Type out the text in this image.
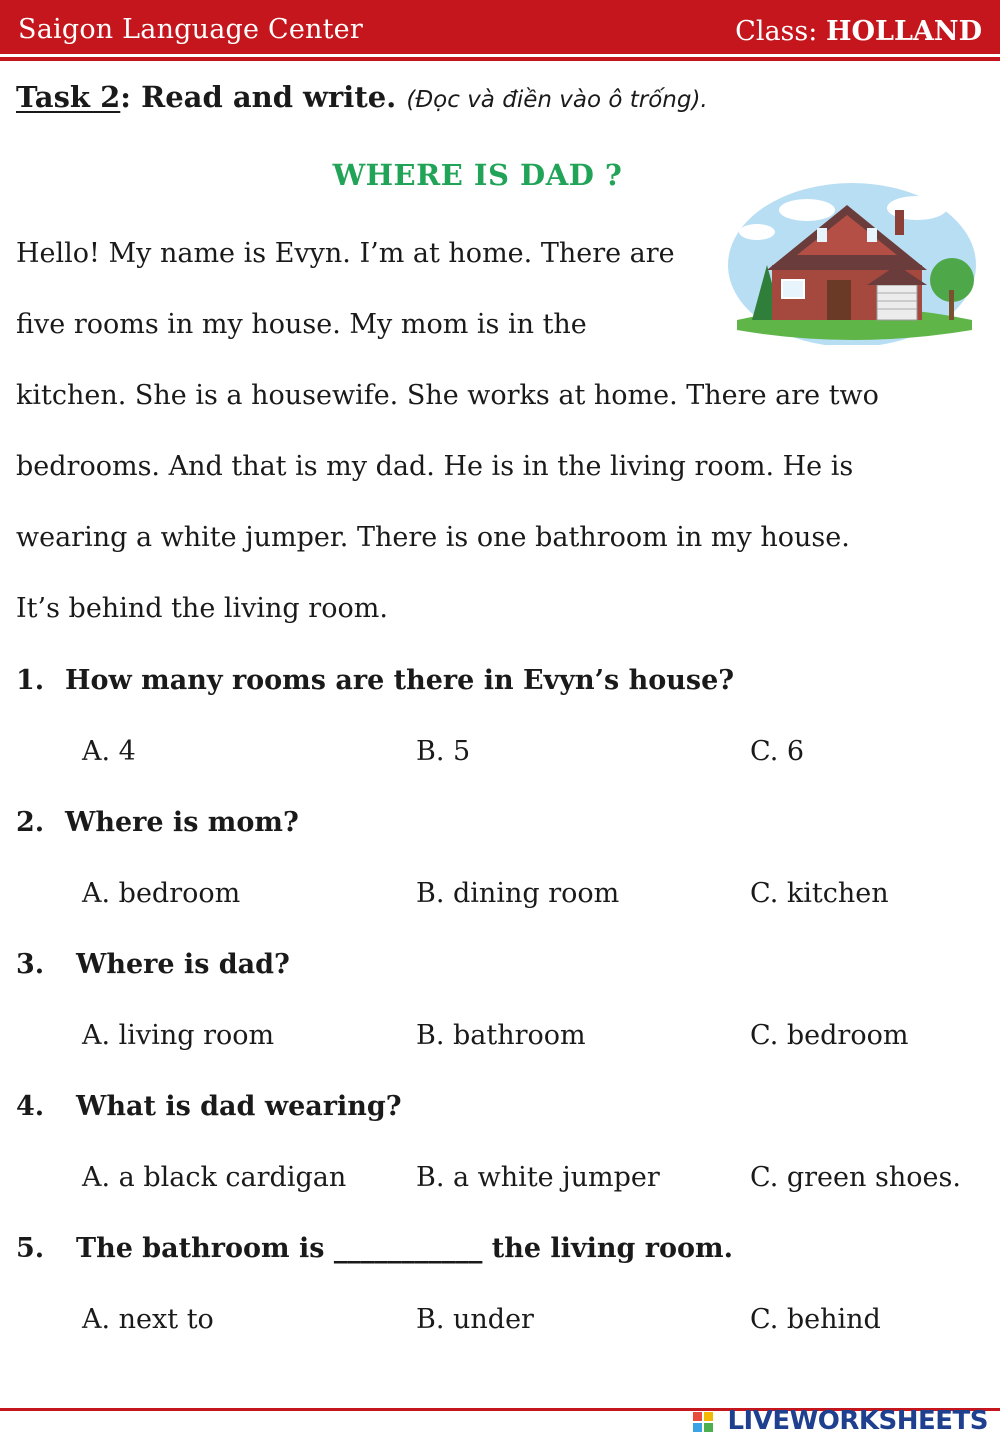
Saigon Language Center	Class: HOLLAND
Task 2: Read and write. (Đọc và điền vào ô trống).
WHERE IS DAD ?
Hello! My name is Evyn. I’m at home. There are
five rooms in my house. My mom is in the
kitchen. She is a housewife. She works at home. There are two
bedrooms. And that is my dad. He is in the living room. He is
wearing a white jumper. There is one bathroom in my house.
It’s behind the living room.
1. How many rooms are there in Evyn’s house?
A. 4	B. 5	C. 6
2. Where is mom?
A. bedroom	B. dining room	C. kitchen
3. Where is dad?
A. living room	B. bathroom	C. bedroom
4. What is dad wearing?
A. a black cardigan	B. a white jumper	C. green shoes.
5. The bathroom is ___________ the living room.
A. next to	B. under	C. behind
LIVEWORKSHEETS
